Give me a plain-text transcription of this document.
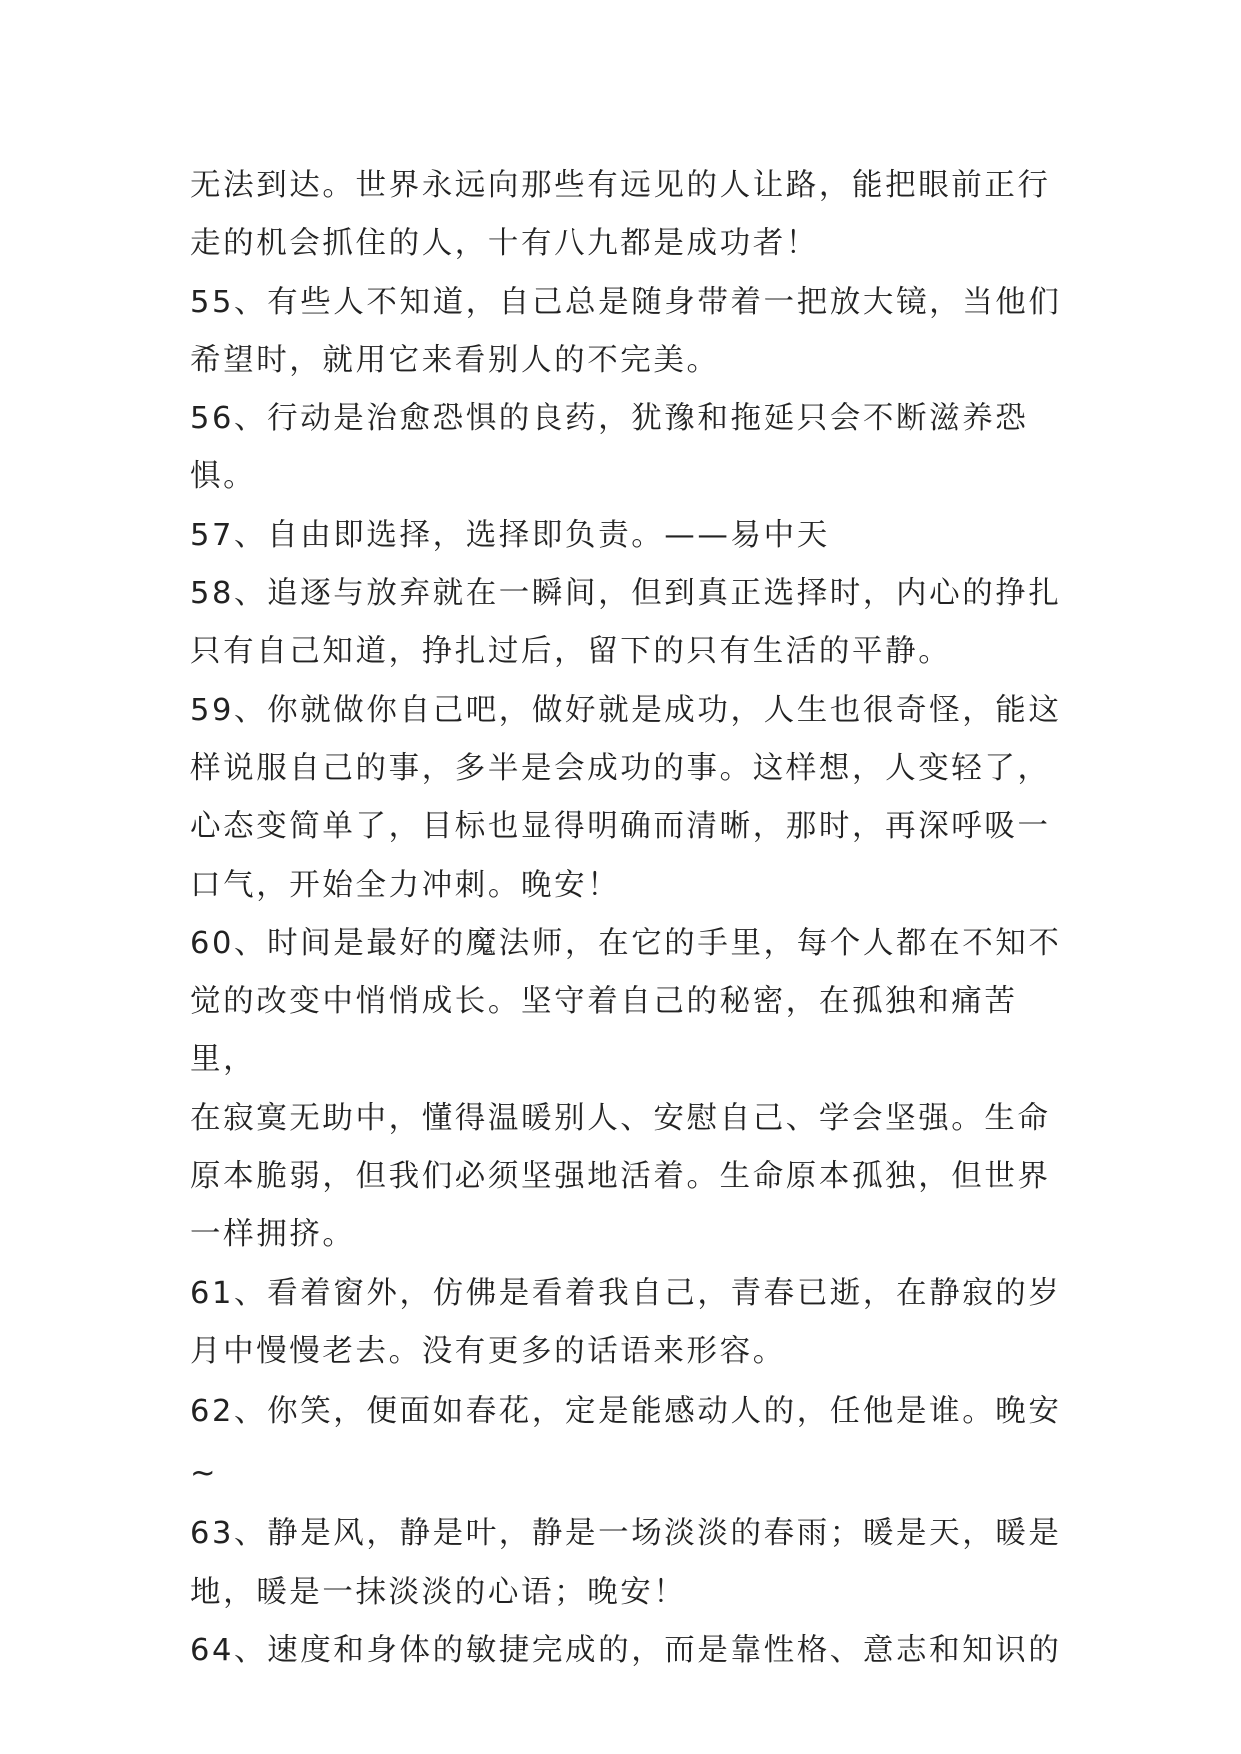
无法到达。世界永远向那些有远见的人让路，能把眼前正行
走的机会抓住的人，十有八九都是成功者！

55、有些人不知道，自己总是随身带着一把放大镜，当他们
希望时，就用它来看别人的不完美。

56、行动是治愈恐惧的良药，犹豫和拖延只会不断滋养恐惧。

57、自由即选择，选择即负责。——易中天

58、追逐与放弃就在一瞬间，但到真正选择时，内心的挣扎
只有自己知道，挣扎过后，留下的只有生活的平静。

59、你就做你自己吧，做好就是成功，人生也很奇怪，能这
样说服自己的事，多半是会成功的事。这样想，人变轻了，
心态变简单了，目标也显得明确而清晰，那时，再深呼吸一
口气，开始全力冲刺。晚安！

60、时间是最好的魔法师，在它的手里，每个人都在不知不
觉的改变中悄悄成长。坚守着自己的秘密，在孤独和痛苦里，
在寂寞无助中，懂得温暖别人、安慰自己、学会坚强。生命
原本脆弱，但我们必须坚强地活着。生命原本孤独，但世界
一样拥挤。

61、看着窗外，仿佛是看着我自己，青春已逝，在静寂的岁
月中慢慢老去。没有更多的话语来形容。

62、你笑，便面如春花，定是能感动人的，任他是谁。晚安
~

63、静是风，静是叶，静是一场淡淡的春雨；暖是天，暖是
地，暖是一抹淡淡的心语；晚安！

64、速度和身体的敏捷完成的，而是靠性格、意志和知识的
